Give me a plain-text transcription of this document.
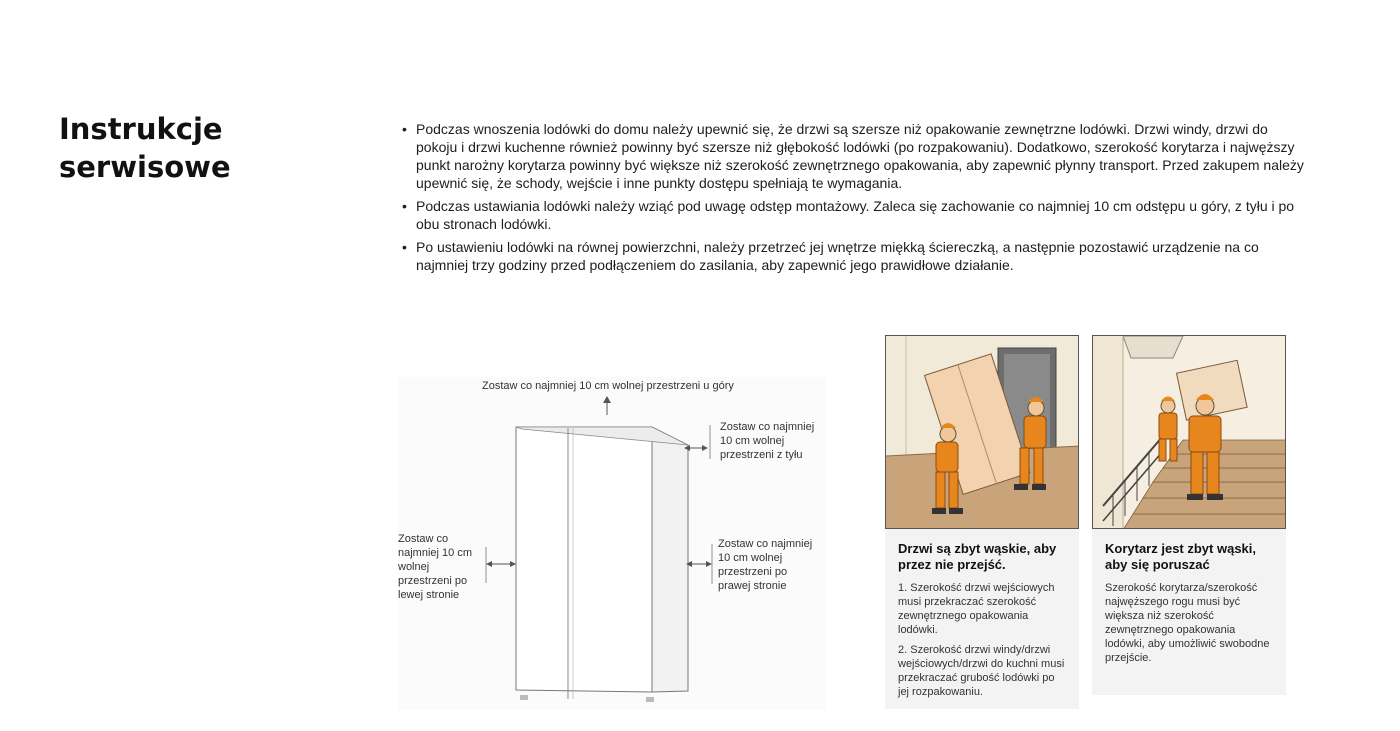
Instrukcje
serwisowe
• Podczas wnoszenia lodówki do domu należy upewnić się, że drzwi są szersze niż opakowanie zewnętrzne lodówki. Drzwi windy, drzwi do pokoju i drzwi kuchenne również powinny być szersze niż głębokość lodówki (po rozpakowaniu). Dodatkowo, szerokość korytarza i najwęższy punkt narożny korytarza powinny być większe niż szerokość zewnętrznego opakowania, aby zapewnić płynny transport. Przed zakupem należy upewnić się, że schody, wejście i inne punkty dostępu spełniają te wymagania.
• Podczas ustawiania lodówki należy wziąć pod uwagę odstęp montażowy. Zaleca się zachowanie co najmniej 10 cm odstępu u góry, z tyłu i po obu stronach lodówki.
• Po ustawieniu lodówki na równej powierzchni, należy przetrzeć jej wnętrze miękką ściereczką, a następnie pozostawić urządzenie na co najmniej trzy godziny przed podłączeniem do zasilania, aby zapewnić jego prawidłowe działanie.
Zostaw co najmniej 10 cm wolnej przestrzeni u góry
Zostaw co najmniej
10 cm wolnej
przestrzeni z tyłu
Zostaw co
najmniej 10 cm
wolnej
przestrzeni po
lewej stronie
Zostaw co najmniej
10 cm wolnej
przestrzeni po
prawej stronie
Drzwi są zbyt wąskie, aby przez nie przejść.

1. Szerokość drzwi wejściowych musi przekraczać szerokość zewnętrznego opakowania lodówki.

2. Szerokość drzwi windy/drzwi wejściowych/drzwi do kuchni musi przekraczać grubość lodówki po jej rozpakowaniu.

Korytarz jest zbyt wąski, aby się poruszać

Szerokość korytarza/szerokość najwęższego rogu musi być większa niż szerokość zewnętrznego opakowania lodówki, aby umożliwić swobodne przejście.
